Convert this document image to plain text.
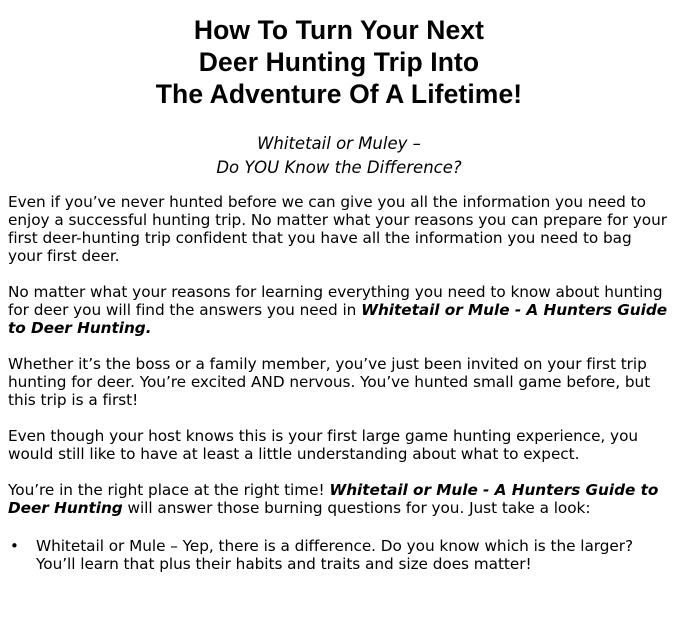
How To Turn Your Next
Deer Hunting Trip Into
The Adventure Of A Lifetime!
Whitetail or Muley –
Do YOU Know the Difference?

Even if you’ve never hunted before we can give you all the information you need to enjoy a successful hunting trip. No matter what your reasons you can prepare for your first deer-hunting trip confident that you have all the information you need to bag your first deer.

No matter what your reasons for learning everything you need to know about hunting for deer you will find the answers you need in Whitetail or Mule - A Hunters Guide to Deer Hunting.

Whether it’s the boss or a family member, you’ve just been invited on your first trip hunting for deer. You’re excited AND nervous. You’ve hunted small game before, but this trip is a first!

Even though your host knows this is your first large game hunting experience, you would still like to have at least a little understanding about what to expect.

You’re in the right place at the right time! Whitetail or Mule - A Hunters Guide to Deer Hunting will answer those burning questions for you. Just take a look:

• Whitetail or Mule – Yep, there is a difference. Do you know which is the larger? You’ll learn that plus their habits and traits and size does matter!
